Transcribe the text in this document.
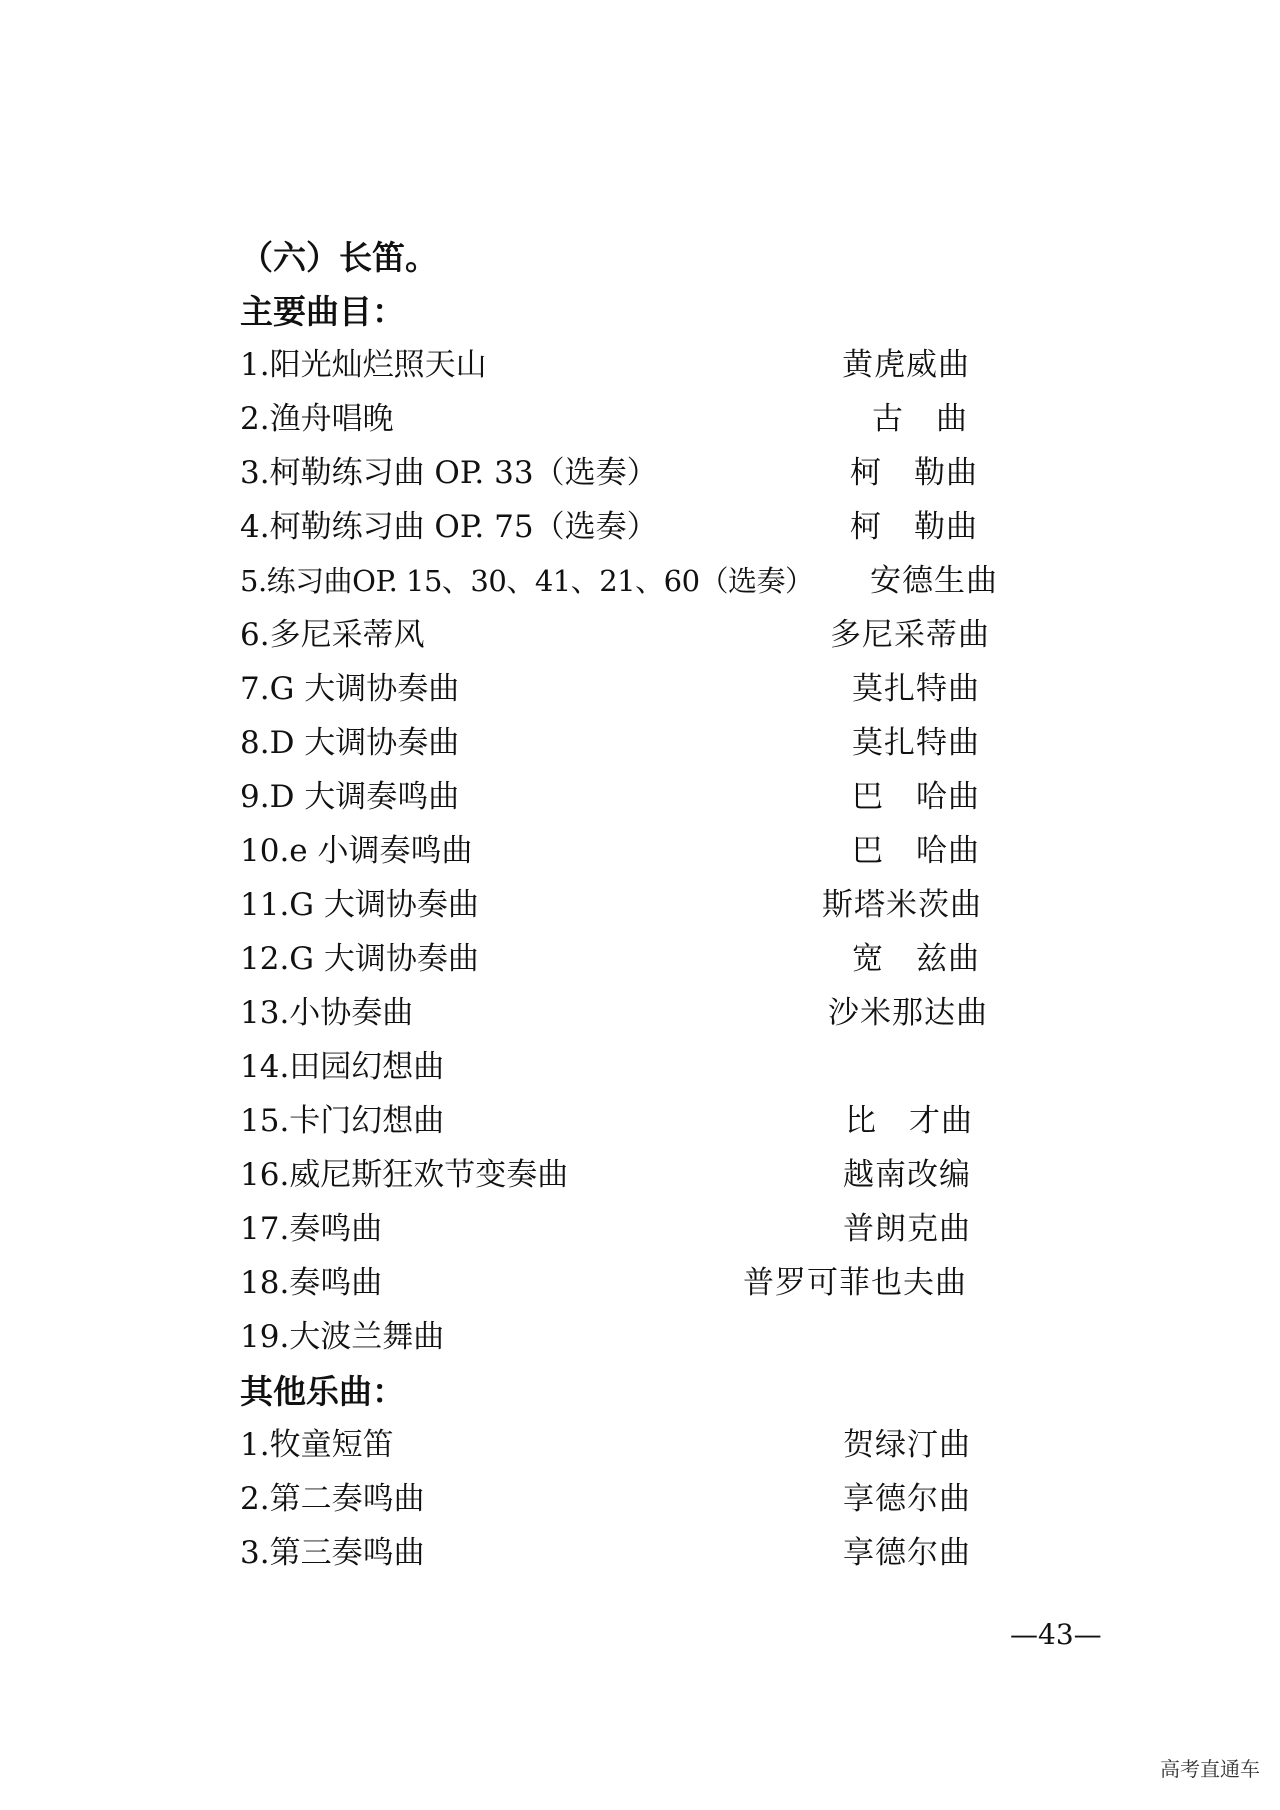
（六）长笛。
主要曲目：
1.阳光灿烂照天山	黄虎威曲
2.渔舟唱晚	古　曲
3.柯勒练习曲 OP. 33（选奏）	柯　勒曲
4.柯勒练习曲 OP. 75（选奏）	柯　勒曲
5.练习曲OP. 15、30、41、21、60（选奏） 安德生曲
6.多尼采蒂风	多尼采蒂曲
7.G 大调协奏曲	莫扎特曲
8.D 大调协奏曲	莫扎特曲
9.D 大调奏鸣曲	巴　哈曲
10.e 小调奏鸣曲	巴　哈曲
11.G 大调协奏曲	斯塔米茨曲
12.G 大调协奏曲	宽　兹曲
13.小协奏曲	沙米那达曲
14.田园幻想曲
15.卡门幻想曲	比　才曲
16.威尼斯狂欢节变奏曲	越南改编
17.奏鸣曲	普朗克曲
18.奏鸣曲	普罗可菲也夫曲
19.大波兰舞曲
其他乐曲：
1.牧童短笛	贺绿汀曲
2.第二奏鸣曲	享德尔曲
3.第三奏鸣曲	享德尔曲
—43—
高考直通车
